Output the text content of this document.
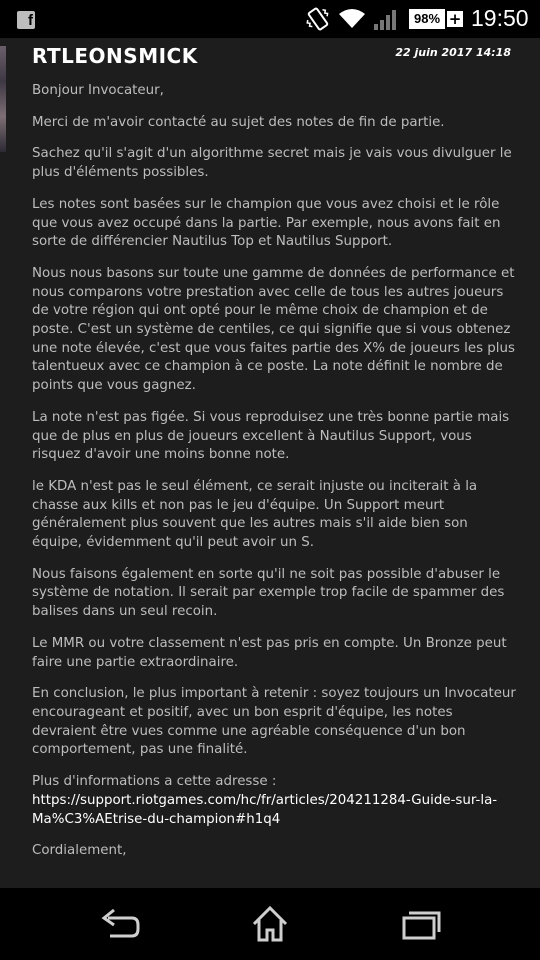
f	98% + 19:50
RTLEONSMICK	22 juin 2017 14:18

Bonjour Invocateur,

Merci de m'avoir contacté au sujet des notes de fin de partie.

Sachez qu'il s'agit d'un algorithme secret mais je vais vous divulguer le plus d'éléments possibles.

Les notes sont basées sur le champion que vous avez choisi et le rôle que vous avez occupé dans la partie. Par exemple, nous avons fait en sorte de différencier Nautilus Top et Nautilus Support.

Nous nous basons sur toute une gamme de données de performance et nous comparons votre prestation avec celle de tous les autres joueurs de votre région qui ont opté pour le même choix de champion et de poste. C'est un système de centiles, ce qui signifie que si vous obtenez une note élevée, c'est que vous faites partie des X% de joueurs les plus talentueux avec ce champion à ce poste. La note définit le nombre de points que vous gagnez.

La note n'est pas figée. Si vous reproduisez une très bonne partie mais que de plus en plus de joueurs excellent à Nautilus Support, vous risquez d'avoir une moins bonne note.

le KDA n'est pas le seul élément, ce serait injuste ou inciterait à la chasse aux kills et non pas le jeu d'équipe. Un Support meurt généralement plus souvent que les autres mais s'il aide bien son équipe, évidemment qu'il peut avoir un S.

Nous faisons également en sorte qu'il ne soit pas possible d'abuser le système de notation. Il serait par exemple trop facile de spammer des balises dans un seul recoin.

Le MMR ou votre classement n'est pas pris en compte. Un Bronze peut faire une partie extraordinaire.

En conclusion, le plus important à retenir : soyez toujours un Invocateur encourageant et positif, avec un bon esprit d'équipe, les notes devraient être vues comme une agréable conséquence d'un bon comportement, pas une finalité.

Plus d'informations a cette adresse :
https://support.riotgames.com/hc/fr/articles/204211284-Guide-sur-la-Ma%C3%AEtrise-du-champion#h1q4

Cordialement,
